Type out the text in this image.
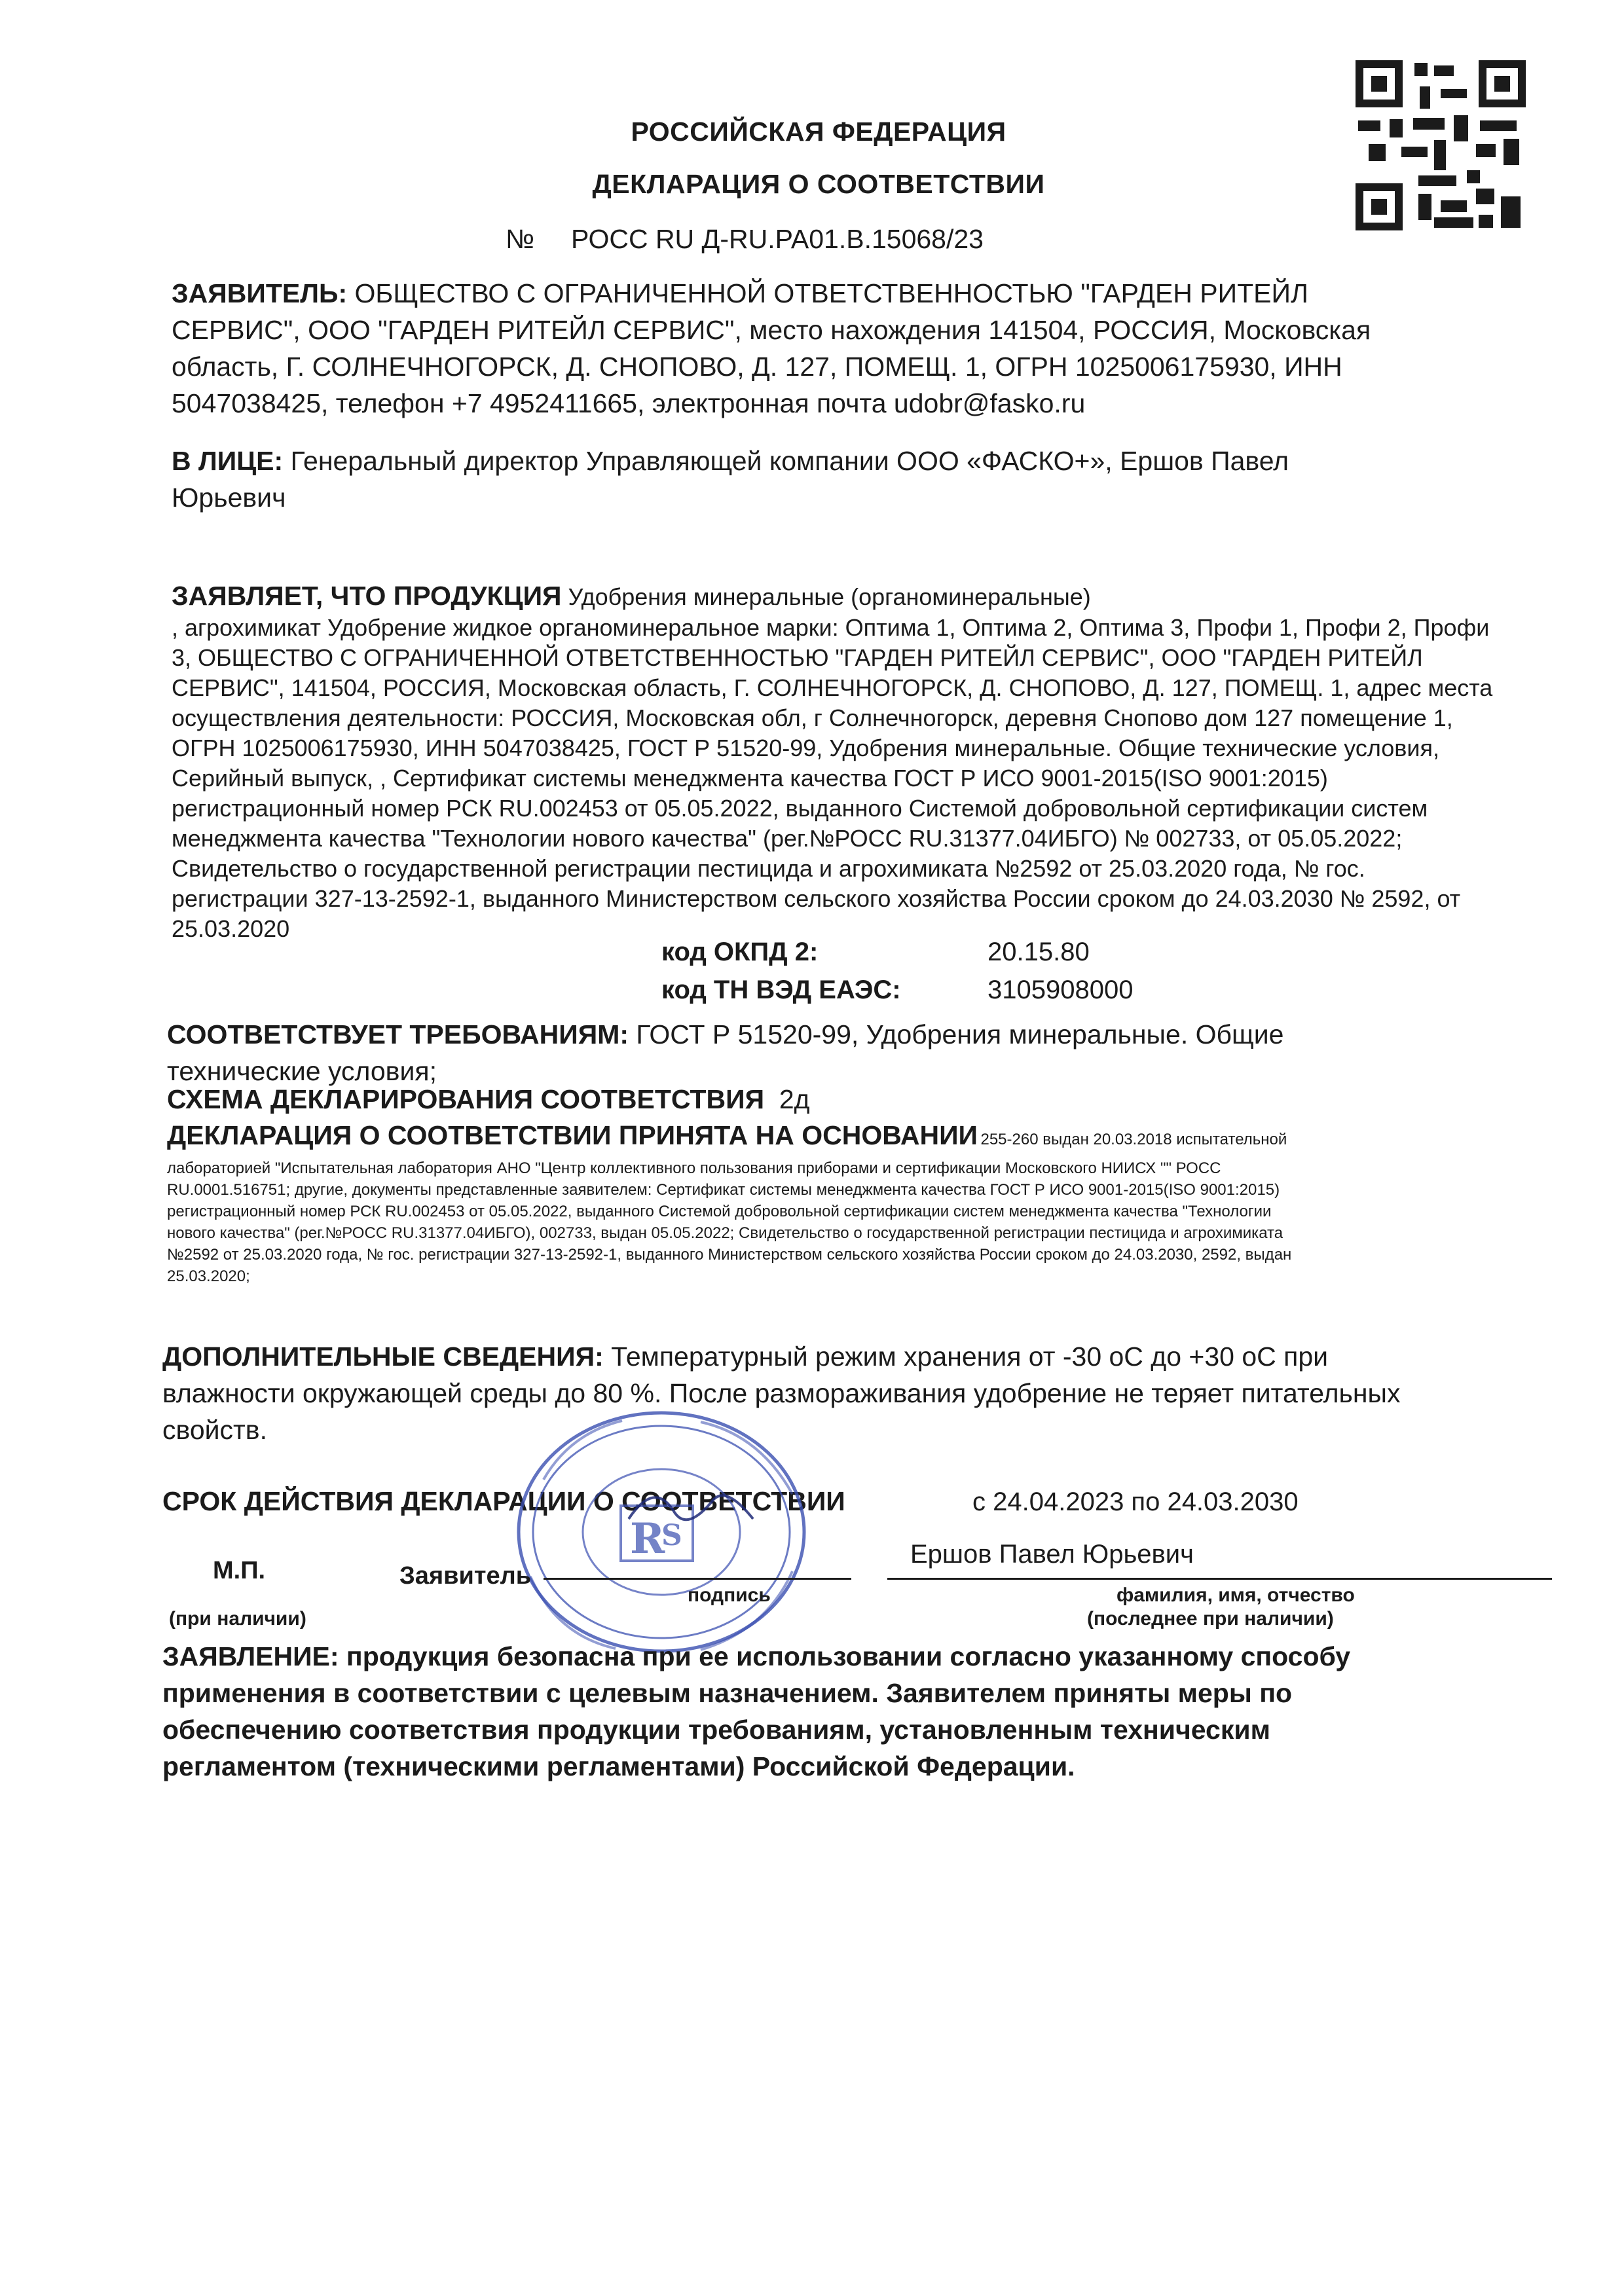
РОССИЙСКАЯ ФЕДЕРАЦИЯ
ДЕКЛАРАЦИЯ О СООТВЕТСТВИИ
№ РОСС RU Д-RU.PA01.B.15068/23
ЗАЯВИТЕЛЬ: ОБЩЕСТВО С ОГРАНИЧЕННОЙ ОТВЕТСТВЕННОСТЬЮ "ГАРДЕН РИТЕЙЛ
СЕРВИС", ООО "ГАРДЕН РИТЕЙЛ СЕРВИС", место нахождения 141504, РОССИЯ, Московская
область, Г. СОЛНЕЧНОГОРСК, Д. СНОПОВО, Д. 127, ПОМЕЩ. 1, ОГРН 1025006175930, ИНН
5047038425, телефон +7 4952411665, электронная почта udobr@fasko.ru
В ЛИЦЕ: Генеральный директор Управляющей компании ООО «ФАСКО+», Ершов Павел
Юрьевич
ЗАЯВЛЯЕТ, ЧТО ПРОДУКЦИЯ Удобрения минеральные (органоминеральные)
, агрохимикат Удобрение жидкое органоминеральное марки: Оптима 1, Оптима 2, Оптима 3, Профи 1, Профи 2, Профи
3, ОБЩЕСТВО С ОГРАНИЧЕННОЙ ОТВЕТСТВЕННОСТЬЮ "ГАРДЕН РИТЕЙЛ СЕРВИС", ООО "ГАРДЕН РИТЕЙЛ
СЕРВИС", 141504, РОССИЯ, Московская область, Г. СОЛНЕЧНОГОРСК, Д. СНОПОВО, Д. 127, ПОМЕЩ. 1, адрес места
осуществления деятельности: РОССИЯ, Московская обл, г Солнечногорск, деревня Снопово дом 127 помещение 1,
ОГРН 1025006175930, ИНН 5047038425, ГОСТ Р 51520-99, Удобрения минеральные. Общие технические условия,
Серийный выпуск, , Сертификат системы менеджмента качества ГОСТ Р ИСО 9001-2015(ISO 9001:2015)
регистрационный номер РСК RU.002453 от 05.05.2022, выданного Системой добровольной сертификации систем
менеджмента качества "Технологии нового качества" (рег.№РОСС RU.31377.04ИБГО) № 002733, от 05.05.2022;
Свидетельство о государственной регистрации пестицида и агрохимиката №2592 от 25.03.2020 года, № гос.
регистрации 327-13-2592-1, выданного Министерством сельского хозяйства России сроком до 24.03.2030 № 2592, от
25.03.2020
код ОКПД 2:	20.15.80
код ТН ВЭД ЕАЭС:	3105908000
СООТВЕТСТВУЕТ ТРЕБОВАНИЯМ: ГОСТ Р 51520-99, Удобрения минеральные. Общие
технические условия;
СХЕМА ДЕКЛАРИРОВАНИЯ СООТВЕТСТВИЯ 2д
ДЕКЛАРАЦИЯ О СООТВЕТСТВИИ ПРИНЯТА НА ОСНОВАНИИ 255-260 выдан 20.03.2018 испытательной
лабораторией "Испытательная лаборатория АНО "Центр коллективного пользования приборами и сертификации Московского НИИСХ "" РОСС
RU.0001.516751; другие, документы представленные заявителем: Сертификат системы менеджмента качества ГОСТ Р ИСО 9001-2015(ISO 9001:2015)
регистрационный номер РСК RU.002453 от 05.05.2022, выданного Системой добровольной сертификации систем менеджмента качества "Технологии
нового качества" (рег.№РОСС RU.31377.04ИБГО), 002733, выдан 05.05.2022; Свидетельство о государственной регистрации пестицида и агрохимиката
№2592 от 25.03.2020 года, № гос. регистрации 327-13-2592-1, выданного Министерством сельского хозяйства России сроком до 24.03.2030, 2592, выдан
25.03.2020;
ДОПОЛНИТЕЛЬНЫЕ СВЕДЕНИЯ: Температурный режим хранения от -30 оС до +30 оС при
влажности окружающей среды до 80 %. После размораживания удобрение не теряет питательных
свойств.
СРОК ДЕЙСТВИЯ ДЕКЛАРАЦИИ О СООТВЕТСТВИИ	с 24.04.2023 по 24.03.2030
R
S
М.П.
(при наличии)
Заявитель
подпись
Ершов Павел Юрьевич
фамилия, имя, отчество
(последнее при наличии)
ЗАЯВЛЕНИЕ: продукция безопасна при ее использовании согласно указанному способу
применения в соответствии с целевым назначением. Заявителем приняты меры по
обеспечению соответствия продукции требованиям, установленным техническим
регламентом (техническими регламентами) Российской Федерации.
